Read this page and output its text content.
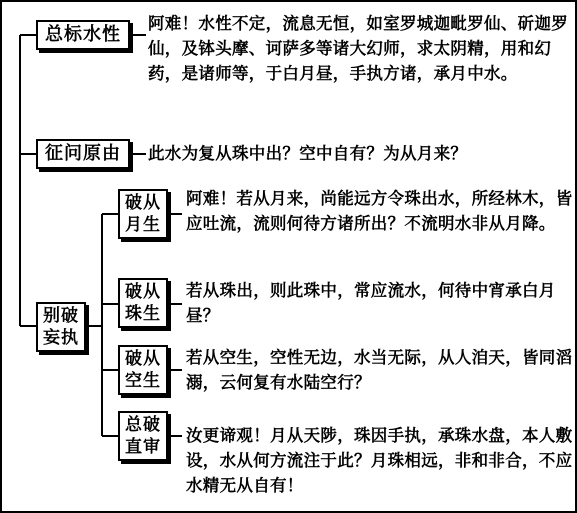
总标水性
阿难！水性不定，流息无恒，如室罗城迦毗罗仙、斫迦罗仙，及钵头摩、诃萨多等诸大幻师，求太阴精，用和幻药，是诸师等，于白月昼，手执方诸，承月中水。
征问原由	此水为复从珠中出？空中自有？为从月来？
别破
妄执
破从
月生
阿难！若从月来，尚能远方令珠出水，所经林木，皆应吐流，流则何待方诸所出？不流明水非从月降。
破从
珠生
若从珠出，则此珠中，常应流水，何待中宵承白月昼？
破从
空生
若从空生，空性无边，水当无际，从人洎天，皆同滔溺，云何复有水陆空行？
总破
直审
汝更谛观！月从天陟，珠因手执，承珠水盘，本人敷设，水从何方流注于此？月珠相远，非和非合，不应水精无从自有！
